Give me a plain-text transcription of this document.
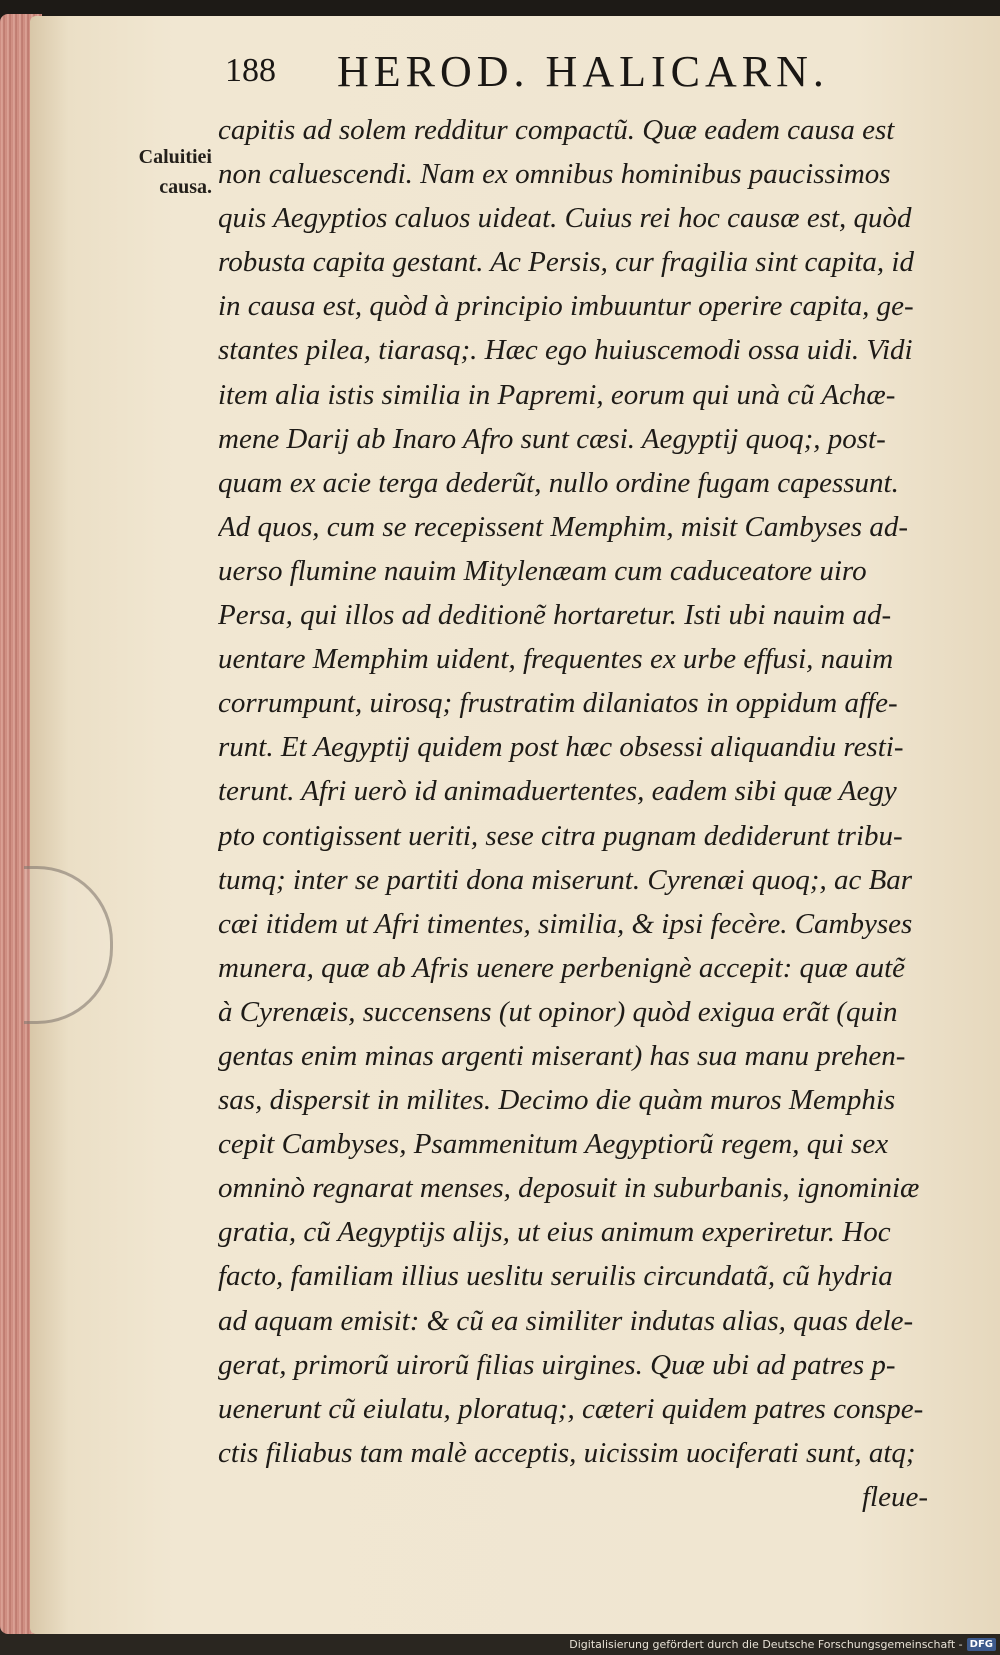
188 HEROD. HALICARN.
Caluitiei
causa.
capitis ad solem redditur compactũ. Quæ eadem causa est
non caluescendi. Nam ex omnibus hominibus paucissimos
quis Aegyptios caluos uideat. Cuius rei hoc causæ est, quòd
robusta capita gestant. Ac Persis, cur fragilia sint capita, id
in causa est, quòd à principio imbuuntur operire capita, ge-
stantes pilea, tiarasq;. Hæc ego huiuscemodi ossa uidi. Vidi
item alia istis similia in Papremi, eorum qui unà cũ Achæ-
mene Darij ab Inaro Afro sunt cæsi. Aegyptij quoq;, post-
quam ex acie terga dederũt, nullo ordine fugam capessunt.
Ad quos, cum se recepissent Memphim, misit Cambyses ad-
uerso flumine nauim Mitylenæam cum caduceatore uiro
Persa, qui illos ad deditionẽ hortaretur. Isti ubi nauim ad-
uentare Memphim uident, frequentes ex urbe effusi, nauim
corrumpunt, uirosq; frustratim dilaniatos in oppidum affe-
runt. Et Aegyptij quidem post hæc obsessi aliquandiu resti-
terunt. Afri uerò id animaduertentes, eadem sibi quæ Aegy
pto contigissent ueriti, sese citra pugnam dediderunt tribu-
tumq; inter se partiti dona miserunt. Cyrenæi quoq;, ac Bar
cæi itidem ut Afri timentes, similia, & ipsi fecère. Cambyses
munera, quæ ab Afris uenere perbenignè accepit: quæ autẽ
à Cyrenæis, succensens (ut opinor) quòd exigua erãt (quin
gentas enim minas argenti miserant) has sua manu prehen-
sas, dispersit in milites. Decimo die quàm muros Memphis
cepit Cambyses, Psammenitum Aegyptiorũ regem, qui sex
omninò regnarat menses, deposuit in suburbanis, ignominiæ
gratia, cũ Aegyptijs alijs, ut eius animum experiretur. Hoc
facto, familiam illius ueslitu seruilis circundatã, cũ hydria
ad aquam emisit: & cũ ea similiter indutas alias, quas dele-
gerat, primorũ uirorũ filias uirgines. Quæ ubi ad patres p-
uenerunt cũ eiulatu, ploratuq;, cæteri quidem patres conspe-
ctis filiabus tam malè acceptis, uicissim uociferati sunt, atq;
fleue-
Digitalisierung gefördert durch die Deutsche Forschungsgemeinschaft - DFG
